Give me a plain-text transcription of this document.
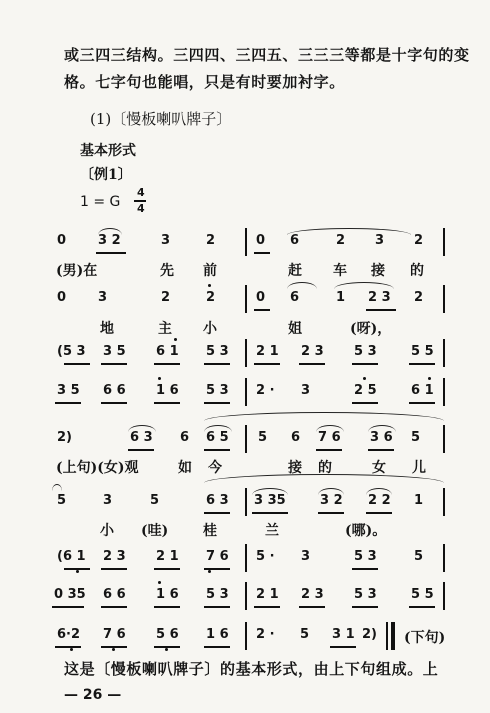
或三四三结构。三四四、三四五、三三三等都是十字句的变
格。七字句也能唱，只是有时要加衬字。
(1)〔慢板喇叭牌子〕
基本形式
〔例1〕
1 = G
4
4
0 3 2	3	2	0 6	2 3 2
(男)在	先 前	赶 车 接 的
0 3	2	2	0 6	1 2 3 2
地	主 小	姐	(呀)，
(5 3 3 5 6 1 5 3 2 1 2 3 5 3	5 5
3 5 6 6 1 6 5 3 2 · 3	2 5	6 1
2)	6 3 6 6 5 5 6 7 6 3 6 5
(上句)(女)观	如 今	接 的	女 儿
5	3	5	6 3 3 35	3 2 2 2 1
小 (哇) 桂	兰	(哪)。
(6 1 2 3 2 1 7 6 5 · 3	5 3	5
0 35 6 6 1 6 5 3 2 1 2 3 5 3	5 5
6·2 7 6 5 6 1 6 2 · 5 3 1 2) (下句)
这是〔慢板喇叭牌子〕的基本形式，由上下句组成。上
— 26 —
